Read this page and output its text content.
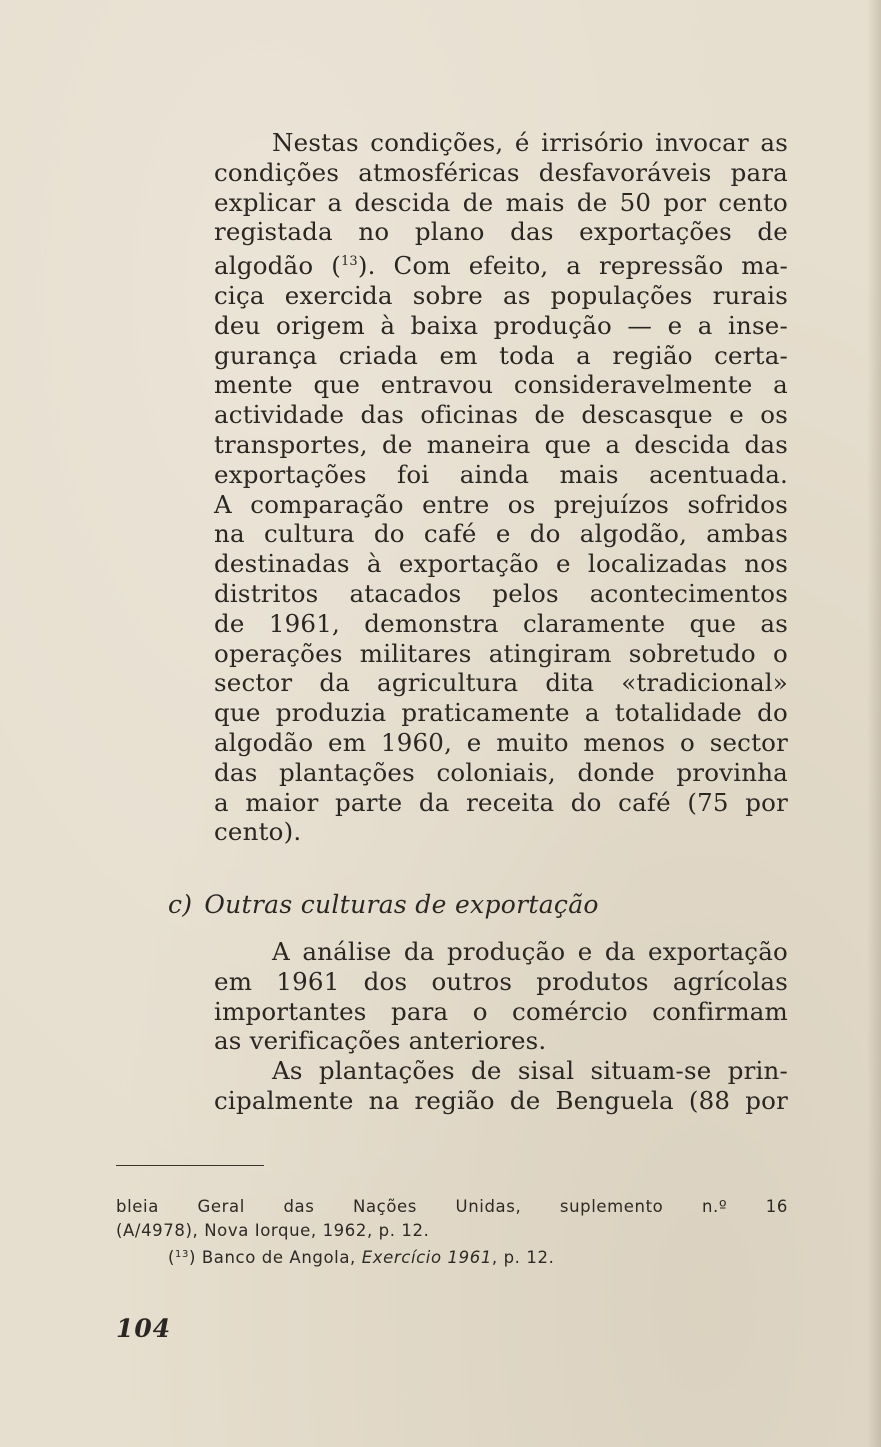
Nestas condições, é irrisório invocar as
condições atmosféricas desfavoráveis para
explicar a descida de mais de 50 por cento
registada no plano das exportações de
algodão ($^{13}$). Com efeito, a repressão ma-
ciça exercida sobre as populações rurais
deu origem à baixa produção — e a inse-
gurança criada em toda a região certa-
mente que entravou consideravelmente a
actividade das oficinas de descasque e os
transportes, de maneira que a descida das
exportações foi ainda mais acentuada.
A comparação entre os prejuízos sofridos
na cultura do café e do algodão, ambas
destinadas à exportação e localizadas nos
distritos atacados pelos acontecimentos
de 1961, demonstra claramente que as
operações militares atingiram sobretudo o
sector da agricultura dita «tradicional»
que produzia praticamente a totalidade do
algodão em 1960, e muito menos o sector
das plantações coloniais, donde provinha
a maior parte da receita do café (75 por
cento).

c) Outras culturas de exportação

A análise da produção e da exportação
em 1961 dos outros produtos agrícolas
importantes para o comércio confirmam
as verificações anteriores.
As plantações de sisal situam-se prin-
cipalmente na região de Benguela (88 por

bleia Geral das Nações Unidas, suplemento n.º 16
(A/4978), Nova Iorque, 1962, p. 12.
($^{13}$) Banco de Angola, Exercício 1961, p. 12.
104
